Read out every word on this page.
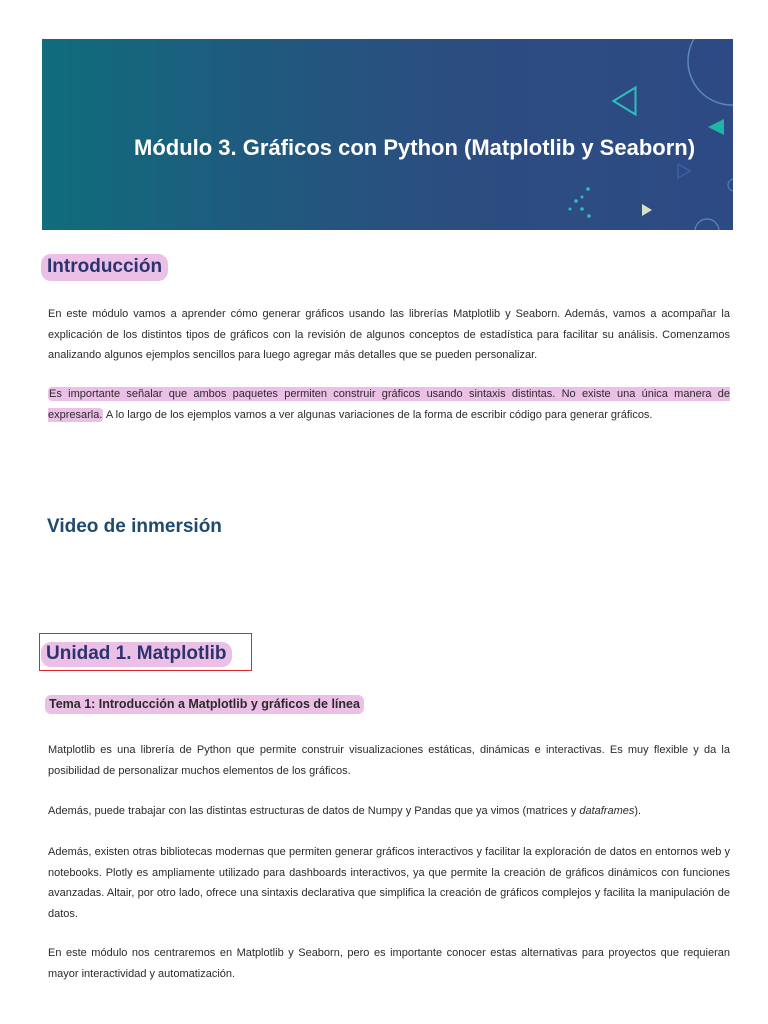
Módulo 3. Gráficos con Python (Matplotlib y Seaborn)
Introducción

En este módulo vamos a aprender cómo generar gráficos usando las librerías Matplotlib y Seaborn. Además, vamos a acompañar la explicación de los distintos tipos de gráficos con la revisión de algunos conceptos de estadística para facilitar su análisis. Comenzamos analizando algunos ejemplos sencillos para luego agregar más detalles que se pueden personalizar.

Es importante señalar que ambos paquetes permiten construir gráficos usando sintaxis distintas. No existe una única manera de expresarla. A lo largo de los ejemplos vamos a ver algunas variaciones de la forma de escribir código para generar gráficos.

Video de inmersión
Unidad 1. Matplotlib
Tema 1: Introducción a Matplotlib y gráficos de línea

Matplotlib es una librería de Python que permite construir visualizaciones estáticas, dinámicas e interactivas. Es muy flexible y da la posibilidad de personalizar muchos elementos de los gráficos.

Además, puede trabajar con las distintas estructuras de datos de Numpy y Pandas que ya vimos (matrices y dataframes).

Además, existen otras bibliotecas modernas que permiten generar gráficos interactivos y facilitar la exploración de datos en entornos web y notebooks. Plotly es ampliamente utilizado para dashboards interactivos, ya que permite la creación de gráficos dinámicos con funciones avanzadas. Altair, por otro lado, ofrece una sintaxis declarativa que simplifica la creación de gráficos complejos y facilita la manipulación de datos.

En este módulo nos centraremos en Matplotlib y Seaborn, pero es importante conocer estas alternativas para proyectos que requieran mayor interactividad y automatización.
